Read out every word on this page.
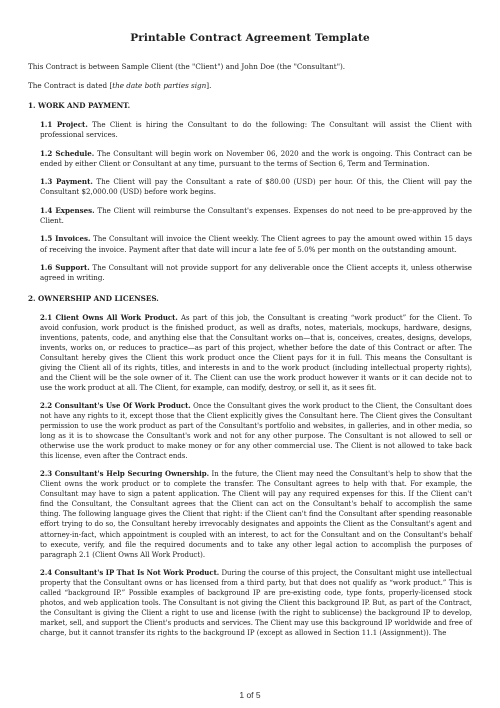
Printable Contract Agreement Template

This Contract is between Sample Client (the "Client") and John Doe (the "Consultant").

The Contract is dated [the date both parties sign].

1. WORK AND PAYMENT.

1.1 Project. The Client is hiring the Consultant to do the following: The Consultant will assist the Client with professional services.

1.2 Schedule. The Consultant will begin work on November 06, 2020 and the work is ongoing. This Contract can be ended by either Client or Consultant at any time, pursuant to the terms of Section 6, Term and Termination.

1.3 Payment. The Client will pay the Consultant a rate of $80.00 (USD) per hour. Of this, the Client will pay the Consultant $2,000.00 (USD) before work begins.

1.4 Expenses. The Client will reimburse the Consultant's expenses. Expenses do not need to be pre-approved by the Client.

1.5 Invoices. The Consultant will invoice the Client weekly. The Client agrees to pay the amount owed within 15 days of receiving the invoice. Payment after that date will incur a late fee of 5.0% per month on the outstanding amount.

1.6 Support. The Consultant will not provide support for any deliverable once the Client accepts it, unless otherwise agreed in writing.

2. OWNERSHIP AND LICENSES.

2.1 Client Owns All Work Product. As part of this job, the Consultant is creating “work product” for the Client. To avoid confusion, work product is the finished product, as well as drafts, notes, materials, mockups, hardware, designs, inventions, patents, code, and anything else that the Consultant works on—that is, conceives, creates, designs, develops, invents, works on, or reduces to practice—as part of this project, whether before the date of this Contract or after. The Consultant hereby gives the Client this work product once the Client pays for it in full. This means the Consultant is giving the Client all of its rights, titles, and interests in and to the work product (including intellectual property rights), and the Client will be the sole owner of it. The Client can use the work product however it wants or it can decide not to use the work product at all. The Client, for example, can modify, destroy, or sell it, as it sees fit.

2.2 Consultant's Use Of Work Product. Once the Consultant gives the work product to the Client, the Consultant does not have any rights to it, except those that the Client explicitly gives the Consultant here. The Client gives the Consultant permission to use the work product as part of the Consultant's portfolio and websites, in galleries, and in other media, so long as it is to showcase the Consultant's work and not for any other purpose. The Consultant is not allowed to sell or otherwise use the work product to make money or for any other commercial use. The Client is not allowed to take back this license, even after the Contract ends.

2.3 Consultant's Help Securing Ownership. In the future, the Client may need the Consultant's help to show that the Client owns the work product or to complete the transfer. The Consultant agrees to help with that. For example, the Consultant may have to sign a patent application. The Client will pay any required expenses for this. If the Client can't find the Consultant, the Consultant agrees that the Client can act on the Consultant's behalf to accomplish the same thing. The following language gives the Client that right: if the Client can't find the Consultant after spending reasonable effort trying to do so, the Consultant hereby irrevocably designates and appoints the Client as the Consultant's agent and attorney-in-fact, which appointment is coupled with an interest, to act for the Consultant and on the Consultant's behalf to execute, verify, and file the required documents and to take any other legal action to accomplish the purposes of paragraph 2.1 (Client Owns All Work Product).

2.4 Consultant's IP That Is Not Work Product. During the course of this project, the Consultant might use intellectual property that the Consultant owns or has licensed from a third party, but that does not qualify as “work product.” This is called “background IP.” Possible examples of background IP are pre-existing code, type fonts, properly-licensed stock photos, and web application tools. The Consultant is not giving the Client this background IP. But, as part of the Contract, the Consultant is giving the Client a right to use and license (with the right to sublicense) the background IP to develop, market, sell, and support the Client's products and services. The Client may use this background IP worldwide and free of charge, but it cannot transfer its rights to the background IP (except as allowed in Section 11.1 (Assignment)). The

1 of 5
